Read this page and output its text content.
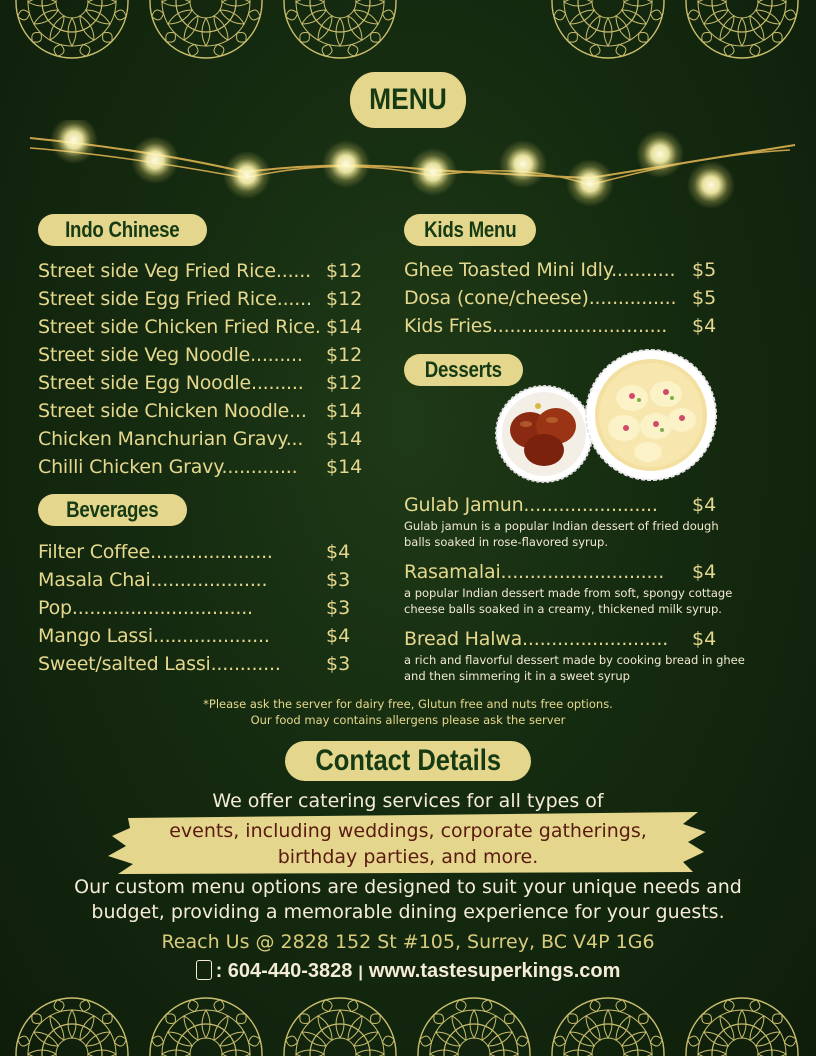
MENU
Indo Chinese
Street side Veg Fried Rice...... $12
Street side Egg Fried Rice...... $12
Street side Chicken Fried Rice. $14
Street side Veg Noodle......... $12
Street side Egg Noodle......... $12
Street side Chicken Noodle... $14
Chicken Manchurian Gravy... $14
Chilli Chicken Gravy............. $14
Beverages
Filter Coffee.....................	$4
Masala Chai....................	$3
Pop...............................	$3
Mango Lassi....................	$4
Sweet/salted Lassi............ $3
Kids Menu
Ghee Toasted Mini Idly........... $5
Dosa (cone/cheese)............... $5
Kids Fries.............................. $4
Desserts
Gulab Jamun....................... $4
Gulab jamun is a popular Indian dessert of fried dough balls soaked in rose-flavored syrup.
Rasamalai............................ $4
a popular Indian dessert made from soft, spongy cottage cheese balls soaked in a creamy, thickened milk syrup.
Bread Halwa......................... $4
a rich and flavorful dessert made by cooking bread in ghee and then simmering it in a sweet syrup
*Please ask the server for dairy free, Glutun free and nuts free options.
Our food may contains allergens please ask the server
Contact Details
We offer catering services for all types of
events, including weddings, corporate gatherings,
birthday parties, and more.
Our custom menu options are designed to suit your unique needs and
budget, providing a memorable dining experience for your guests.
Reach Us @ 2828 152 St #105, Surrey, BC V4P 1G6
: 604-440-3828 | www.tastesuperkings.com
